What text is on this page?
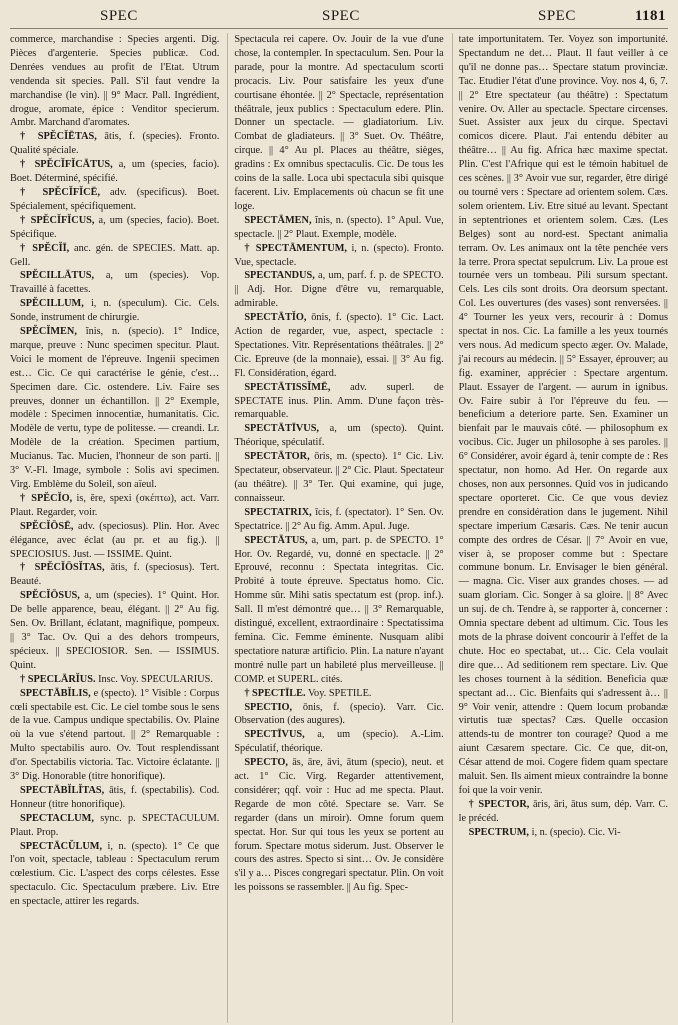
SPEC	SPEC	SPEC	1181

commerce, marchandise : Species argenti. Dig. Pièces d'argenterie. Species publicæ. Cod. Denrées vendues au profit de l'Etat. Utrum vendenda sit species. Pall. S'il faut vendre la marchandise (le vin). || 9° Macr. Pall. Ingrédient, drogue, aromate, épice : Venditor specierum. Ambr. Marchand d'aromates.

† SPĔCĬĒTAS, ātis, f. (species). Fronto. Qualité spéciale.

† SPĔCĬFĬCĀTUS, a, um (species, facio). Boet. Déterminé, spécifié.

† SPĔCĬFĬCĒ, adv. (specificus). Boet. Spécialement, spécifiquement.

† SPĔCĬFĬCUS, a, um (species, facio). Boet. Spécifique.

† SPĔCĬĪ, anc. gén. de SPECIES. Matt. ap. Gell.

SPĔCILLĀTUS, a, um (species). Vop. Travaillé à facettes.

SPĔCILLUM, i, n. (speculum). Cic. Cels. Sonde, instrument de chirurgie.

SPĔCĬMEN, ĭnis, n. (specio). 1° Indice, marque, preuve : Nunc specimen specitur. Plaut. Voici le moment de l'épreuve. Ingenii specimen est… Cic. Ce qui caractérise le génie, c'est… Specimen dare. Cic. ostendere. Liv. Faire ses preuves, donner un échantillon. || 2° Exemple, modèle : Specimen innocentiæ, humanitatis. Cic. Modèle de vertu, type de politesse. — creandi. Lr. Modèle de la création. Specimen partium, Mucianus. Tac. Mucien, l'honneur de son parti. || 3° V.-Fl. Image, symbole : Solis avi specimen. Virg. Emblème du Soleil, son aïeul.

† SPĔCĬO, is, ĕre, spexi (σκέπτω), act. Varr. Plaut. Regarder, voir.

SPĔCĬŌSĒ, adv. (speciosus). Plin. Hor. Avec élégance, avec éclat (au pr. et au fig.). || SPECIOSIUS. Just. — ISSIME. Quint.

† SPĔCĬŌSĬTAS, ātis, f. (speciosus). Tert. Beauté.

SPĔCĬŌSUS, a, um (species). 1° Quint. Hor. De belle apparence, beau, élégant. || 2° Au fig. Sen. Ov. Brillant, éclatant, magnifique, pompeux. || 3° Tac. Ov. Qui a des dehors trompeurs, spécieux. || SPECIOSIOR. Sen. — ISSIMUS. Quint.

† SPECLĀRĬUS. Insc. Voy. SPECULARIUS.

SPECTĀBĬLIS, e (specto). 1° Visible : Corpus cœli spectabile est. Cic. Le ciel tombe sous le sens de la vue. Campus undique spectabilis. Ov. Plaine où la vue s'étend partout. || 2° Remarquable : Multo spectabilis auro. Ov. Tout resplendissant d'or. Spectabilis victoria. Tac. Victoire éclatante. || 3° Dig. Honorable (titre honorifique).

SPECTĀBĬLĬTAS, ātis, f. (spectabilis). Cod. Honneur (titre honorifique).

SPECTACLUM, sync. p. SPECTACULUM. Plaut. Prop.

SPECTĀCŬLUM, i, n. (specto). 1° Ce que l'on voit, spectacle, tableau : Spectaculum rerum cœlestium. Cic. L'aspect des corps célestes. Esse spectaculo. Cic. Spectaculum præbere. Liv. Etre en spectacle, attirer les regards.

Spectacula rei capere. Ov. Jouir de la vue d'une chose, la contempler. In spectaculum. Sen. Pour la parade, pour la montre. Ad spectaculum scorti procacis. Liv. Pour satisfaire les yeux d'une courtisane éhontée. || 2° Spectacle, représentation théâtrale, jeux publics : Spectaculum edere. Plin. Donner un spectacle. — gladiatorium. Liv. Combat de gladiateurs. || 3° Suet. Ov. Théâtre, cirque. || 4° Au pl. Places au théâtre, sièges, gradins : Ex omnibus spectaculis. Cic. De tous les coins de la salle. Loca ubi spectacula sibi quisque facerent. Liv. Emplacements où chacun se fit une loge.

SPECTĀMEN, ĭnis, n. (specto). 1° Apul. Vue, spectacle. || 2° Plaut. Exemple, modèle.

† SPECTĀMENTUM, i, n. (specto). Fronto. Vue, spectacle.

SPECTANDUS, a, um, parf. f. p. de SPECTO. || Adj. Hor. Digne d'être vu, remarquable, admirable.

SPECTĀTĬO, ōnis, f. (specto). 1° Cic. Lact. Action de regarder, vue, aspect, spectacle : Spectationes. Vitr. Représentations théâtrales. || 2° Cic. Epreuve (de la monnaie), essai. || 3° Au fig. Fl. Considération, égard.

SPECTĀTISSĬMĒ, adv. superl. de SPECTATE inus. Plin. Amm. D'une façon très-remarquable.

SPECTĀTĪVUS, a, um (specto). Quint. Théorique, spéculatif.

SPECTĀTOR, ōris, m. (specto). 1° Cic. Liv. Spectateur, observateur. || 2° Cic. Plaut. Spectateur (au théâtre). || 3° Ter. Qui examine, qui juge, connaisseur.

SPECTATRIX, īcis, f. (spectator). 1° Sen. Ov. Spectatrice. || 2° Au fig. Amm. Apul. Juge.

SPECTĀTUS, a, um, part. p. de SPECTO. 1° Hor. Ov. Regardé, vu, donné en spectacle. || 2° Eprouvé, reconnu : Spectata integritas. Cic. Probité à toute épreuve. Spectatus homo. Cic. Homme sûr. Mihi satis spectatum est (prop. inf.). Sall. Il m'est démontré que… || 3° Remarquable, distingué, excellent, extraordinaire : Spectatissima femina. Cic. Femme éminente. Nusquam alibi spectatiore naturæ artificio. Plin. La nature n'ayant montré nulle part un habileté plus merveilleuse. || COMP. et SUPERL. cités.

† SPECTĪLE. Voy. SPETILE.

SPECTIO, ōnis, f. (specio). Varr. Cic. Observation (des augures).

SPECTĪVUS, a, um (specio). A.-Lim. Spéculatif, théorique.

SPECTO, ās, āre, āvi, ātum (specio), neut. et act. 1° Cic. Virg. Regarder attentivement, considérer; qqf. voir : Huc ad me specta. Plaut. Regarde de mon côté. Spectare se. Varr. Se regarder (dans un miroir). Omne forum quem spectat. Hor. Sur qui tous les yeux se portent au forum. Spectare motus siderum. Just. Observer le cours des astres. Specto si sint… Ov. Je considère s'il y a… Pisces congregari spectatur. Plin. On voit les poissons se rassembler. || Au fig. Spec-

tate importunitatem. Ter. Voyez son importunité. Spectandum ne det… Plaut. Il faut veiller à ce qu'il ne donne pas… Spectare statum provinciæ. Tac. Etudier l'état d'une province. Voy. nos 4, 6, 7. || 2° Etre spectateur (au théâtre) : Spectatum venire. Ov. Aller au spectacle. Spectare circenses. Suet. Assister aux jeux du cirque. Spectavi comicos dicere. Plaut. J'ai entendu débiter au théâtre… || Au fig. Africa hæc maxime spectat. Plin. C'est l'Afrique qui est le témoin habituel de ces scènes. || 3° Avoir vue sur, regarder, être dirigé ou tourné vers : Spectare ad orientem solem. Cæs. solem orientem. Liv. Etre situé au levant. Spectant in septentriones et orientem solem. Cæs. (Les Belges) sont au nord-est. Spectant animalia terram. Ov. Les animaux ont la tête penchée vers la terre. Prora spectat sepulcrum. Liv. La proue est tournée vers un tombeau. Pili sursum spectant. Cels. Les cils sont droits. Ora deorsum spectant. Col. Les ouvertures (des vases) sont renversées. || 4° Tourner les yeux vers, recourir à : Domus spectat in nos. Cic. La famille a les yeux tournés vers nous. Ad medicum specto æger. Ov. Malade, j'ai recours au médecin. || 5° Essayer, éprouver; au fig. examiner, apprécier : Spectare argentum. Plaut. Essayer de l'argent. — aurum in ignibus. Ov. Faire subir à l'or l'épreuve du feu. — beneficium a deteriore parte. Sen. Examiner un bienfait par le mauvais côté. — philosophum ex vocibus. Cic. Juger un philosophe à ses paroles. || 6° Considérer, avoir égard à, tenir compte de : Res spectatur, non homo. Ad Her. On regarde aux choses, non aux personnes. Quid vos in judicando spectare oporteret. Cic. Ce que vous deviez prendre en considération dans le jugement. Nihil spectare imperium Cæsaris. Cæs. Ne tenir aucun compte des ordres de César. || 7° Avoir en vue, viser à, se proposer comme but : Spectare commune bonum. Lr. Envisager le bien général. — magna. Cic. Viser aux grandes choses. — ad suam gloriam. Cic. Songer à sa gloire. || 8° Avec un suj. de ch. Tendre à, se rapporter à, concerner : Omnia spectare debent ad ultimum. Cic. Tous les mots de la phrase doivent concourir à l'effet de la chute. Hoc eo spectabat, ut… Cic. Cela voulait dire que… Ad seditionem rem spectare. Liv. Que les choses tournent à la sédition. Beneficia quæ spectant ad… Cic. Bienfaits qui s'adressent à… || 9° Voir venir, attendre : Quem locum probandæ virtutis tuæ spectas? Cæs. Quelle occasion attends-tu de montrer ton courage? Quod a me aiunt Cæsarem spectare. Cic. Ce que, dit-on, César attend de moi. Cogere fidem quam spectare maluit. Sen. Ils aiment mieux contraindre la bonne foi que la voir venir.

† SPECTOR, āris, āri, ātus sum, dép. Varr. C. le précéd.

SPECTRUM, i, n. (specio). Cic. Vi-
